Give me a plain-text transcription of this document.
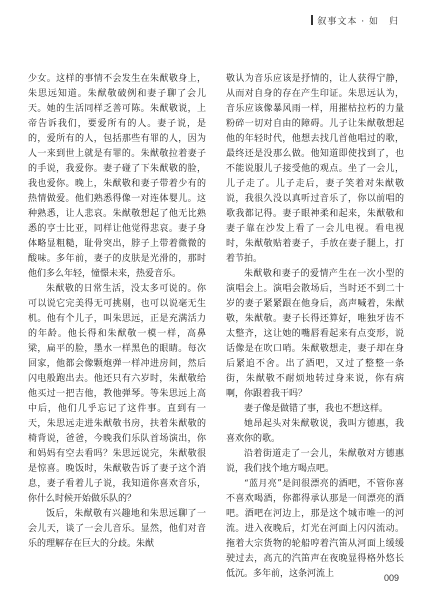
叙事文本 · 如　归

少女。这样的事情不会发生在朱猷敬身上，朱思远知道。朱猷敬破例和妻子聊了会儿天。她的生活同样乏善可陈。朱猷敬说，上帝告诉我们，要爱所有的人。妻子说，是的，爱所有的人，包括那些有罪的人，因为人一来到世上就是有罪的。朱猷敬拉着妻子的手说，我爱你。妻子碰了下朱猷敬的脸，我也爱你。晚上，朱猷敬和妻子带着少有的热情做爱。他们熟悉得像一对连体婴儿。这种熟悉，让人悲哀。朱猷敬想起了他无比熟悉的亨士比亚，同样让他觉得悲哀。妻子身体略显粗糙，耻骨突出，脖子上带着微微的酸味。多年前，妻子的皮肤是光滑的，那时他们多么年轻，憧憬未来，热爱音乐。

朱猷敬的日常生活，没太多可说的。你可以说它完美得无可挑剔，也可以说毫无生机。他有个儿子，叫朱思远，正是充满活力的年龄。他长得和朱猷敬一模一样，高鼻梁，扁平的脸，墨水一样黑色的眼睛。每次回家，他都会像颗炮弹一样冲进房间，然后闪电般跑出去。他还只有六岁时，朱猷敬给他买过一把吉他，教他弹琴。等朱思远上高中后，他们几乎忘记了这件事。直到有一天，朱思远走进朱猷敬书房，扶着朱猷敬的椅背说，爸爸，今晚我们乐队首场演出，你和妈妈有空去看吗？朱思远说完，朱猷敬很是惊喜。晚饭时，朱猷敬告诉了妻子这个消息，妻子看着儿子说，我知道你喜欢音乐，你什么时候开始做乐队的？

饭后，朱猷敬有兴趣地和朱思远聊了一会儿天，谈了一会儿音乐。显然，他们对音乐的理解存在巨大的分歧。朱猷

敬认为音乐应该是抒情的，让人获得宁静，从而对自身的存在产生印证。朱思远认为，音乐应该像暴风雨一样，用摧枯拉朽的力量粉碎一切对自由的障碍。儿子让朱猷敬想起他的年轻时代，他想去找几首他唱过的歌，最终还是没那么做。他知道即使找到了，也不能说服儿子接受他的观点。坐了一会儿，儿子走了。儿子走后，妻子笑着对朱猷敬说，我很久没以真听过音乐了，你以前唱的歌我都记得。妻子眼神柔和起来，朱猷敬和妻子靠在沙发上看了一会儿电视。看电视时，朱猷敬贴着妻子，手放在妻子腿上，打着节拍。

朱猷敬和妻子的爱情产生在一次小型的演唱会上。演唱会散场后，当时还不到二十岁的妻子紧紧跟在他身后，高声喊着，朱猷敬，朱猷敬。妻子长得还算好，唯独牙齿不太整齐，这让她的嘴唇看起来有点变形，说话像是在吹口哨。朱猷敬想走，妻子却在身后紧追不舍。出了酒吧，又过了整整一条街，朱猷敬不耐烦地转过身来说，你有病啊，你跟着我干吗？

妻子像是做错了事，我也不想这样。

她昂起头对朱猷敬说，我叫方德惠，我喜欢你的歌。

沿着街道走了一会儿，朱猷敬对方德惠说，我们找个地方喝点吧。

“蓝月亮”是间很漂亮的酒吧，不管你喜不喜欢喝酒，你都得承认那是一间漂亮的酒吧。酒吧在河边上，那是这个城市唯一的河流。进入夜晚后，灯光在河面上闪闪流动。拖着大宗货物的轮船哼着汽笛从河面上缓缓驶过去，高亢的汽笛声在夜晚显得格外悠长低沉。多年前，这条河流上	009
